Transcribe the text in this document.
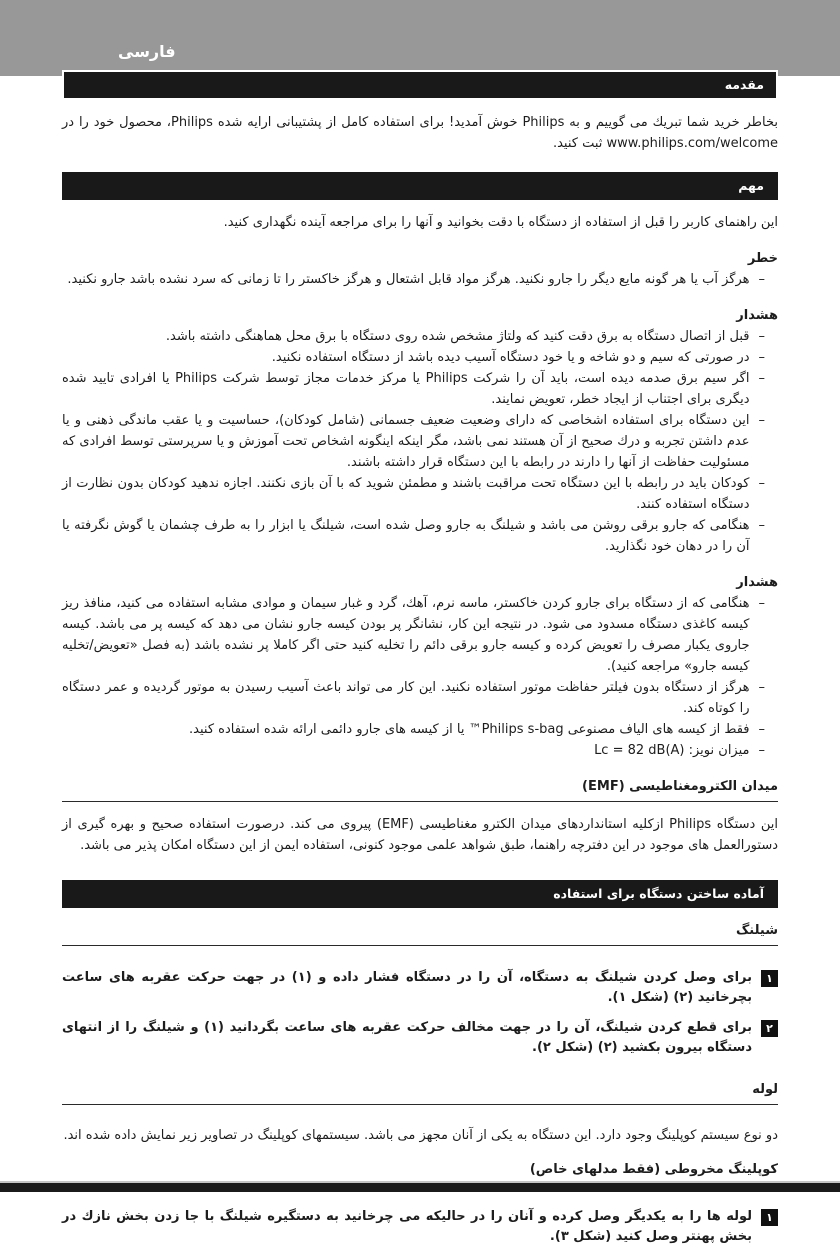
فارسی
مقدمه

بخاطر خرید شما تبریك می گوییم و به Philips خوش آمدید! برای استفاده کامل از پشتیبانی ارایه شده Philips، محصول خود را در www.philips.com/welcome ثبت کنید.

مهم

این راهنمای کاربر را قبل از استفاده از دستگاه با دقت بخوانید و آنها را برای مراجعه آینده نگهداری کنید.

خطر
–
هرگز آب یا هر گونه مایع دیگر را جارو نکنید. هرگز مواد قابل اشتعال و هرگز خاکستر را تا زمانی که سرد نشده باشد جارو نکنید.
هشدار
–
قبل از اتصال دستگاه به برق دقت کنید که ولتاژ مشخص شده روی دستگاه با برق محل هماهنگی داشته باشد.
–
در صورتی که سیم و دو شاخه و یا خود دستگاه آسیب دیده باشد از دستگاه استفاده نکنید.
–
اگر سیم برق صدمه دیده است، باید آن را شرکت Philips یا مرکز خدمات مجاز توسط شرکت Philips یا افرادی تایید شده دیگری برای اجتناب از ایجاد خطر، تعویض نمایند.
–
این دستگاه برای استفاده اشخاصی که دارای وضعیت ضعیف جسمانی (شامل کودکان)، حساسیت و یا عقب ماندگی ذهنی و یا عدم داشتن تجربه و درك صحیح از آن هستند نمی باشد، مگر اینکه اینگونه اشخاص تحت آموزش و یا سرپرستی توسط افرادی که مسئولیت حفاظت از آنها را دارند در رابطه با این دستگاه قرار داشته باشند.
–
کودکان باید در رابطه با این دستگاه تحت مراقبت باشند و مطمئن شوید که با آن بازی نکنند. اجازه ندهید کودکان بدون نظارت از دستگاه استفاده کنند.
–
هنگامی که جارو برقی روشن می باشد و شیلنگ به جارو وصل شده است، شیلنگ یا ابزار را به طرف چشمان یا گوش نگرفته یا آن را در دهان خود نگذارید.
هشدار
–
هنگامی که از دستگاه برای جارو کردن خاکستر، ماسه نرم، آهك، گرد و غبار سیمان و موادی مشابه استفاده می کنید، منافذ ریز کیسه کاغذی دستگاه مسدود می شود. در نتیجه این کار، نشانگر پر بودن کیسه جارو نشان می دهد که کیسه پر می باشد. کیسه جاروی یکبار مصرف را تعویض کرده و کیسه جارو برقی دائم را تخلیه کنید حتی اگر کاملا پر نشده باشد (به فصل «تعویض/تخلیه کیسه جارو» مراجعه کنید).
–
هرگز از دستگاه بدون فیلتر حفاظت موتور استفاده نکنید. این کار می تواند باعث آسیب رسیدن به موتور گردیده و عمر دستگاه را کوتاه کند.
–
فقط از کیسه های الیاف مصنوعی Philips s-bag™ یا از کیسه های جارو دائمی ارائه شده استفاده کنید.
–
میزان نویز: Lc = 82 dB(A)
میدان الکترومغناطیسی (EMF)

این دستگاه Philips ازکلیه استانداردهای میدان الکترو مغناطیسی (EMF) پیروی می کند. درصورت استفاده صحیح و بهره گیری از دستورالعمل های موجود در این دفترچه راهنما، طبق شواهد علمی موجود کنونی، استفاده ایمن از این دستگاه امکان پذیر می باشد.

آماده ساختن دستگاه برای استفاده
شیلنگ
۱
برای وصل کردن شیلنگ به دستگاه، آن را در دستگاه فشار داده و (۱) در جهت حرکت عقربه های ساعت بچرخانید (۲) (شکل ۱).
۲
برای قطع کردن شیلنگ، آن را در جهت مخالف حرکت عقربه های ساعت بگردانید (۱) و شیلنگ را از انتهای دستگاه بیرون بکشید (۲) (شکل ۲).
لوله

دو نوع سیستم کوپلینگ وجود دارد. این دستگاه به یکی از آنان مجهز می باشد. سیستمهای کوپلینگ در تصاویر زیر نمایش داده شده اند.

کوپلینگ مخروطی (فقط مدلهای خاص)
۱
لوله ها را به یکدیگر وصل کرده و آنان را در حالیکه می چرخانید به دستگیره شیلنگ با جا زدن بخش نازك در بخش پهنتر وصل کنید (شکل ۳).
